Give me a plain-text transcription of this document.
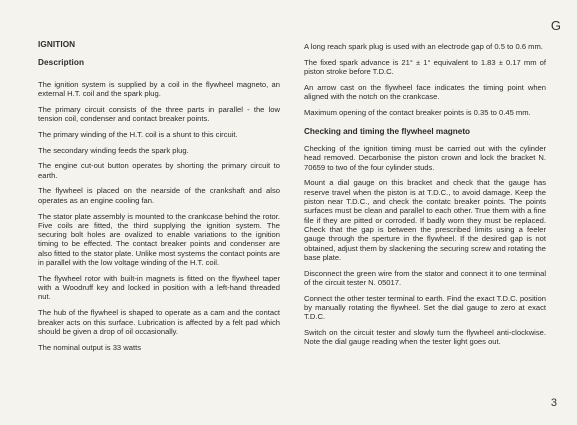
G
IGNITION
Description

The ignition system is supplied by a coil in the flywheel magneto, an external H.T. coil and the spark plug.

The primary circuit consists of the three parts in parallel - the low tension coil, condenser and contact breaker points.

The primary winding of the H.T. coil is a shunt to this circuit.

The secondary winding feeds the spark plug.

The engine cut-out button operates by shorting the primary circuit to earth.

The flywheel is placed on the nearside of the crankshaft and also operates as an engine cooling fan.

The stator plate assembly is mounted to the crankcase behind the rotor. Five coils are fitted, the third supplying the ignition system. The securing bolt holes are ovalized to enable variations to the ignition timing to be effected. The contact breaker points and condenser are also fitted to the stator plate. Unlike most systems the contact points are in parallel with the low voltage winding of the H.T. coil.

The flywheel rotor with built-in magnets is fitted on the flywheel taper with a Woodruff key and locked in position with a left-hand threaded nut.

The hub of the flywheel is shaped to operate as a cam and the contact breaker acts on this surface. Lubrication is affected by a felt pad which should be given a drop of oil occasionally.

The nominal output is 33 watts

A long reach spark plug is used with an electrode gap of 0.5 to 0.6 mm.

The fixed spark advance is 21° ± 1° equivalent to 1.83 ± 0.17 mm of piston stroke before T.D.C.

An arrow cast on the flywheel face indicates the timing point when aligned with the notch on the crankcase.

Maximum opening of the contact breaker points is 0.35 to 0.45 mm.

Checking and timing the flywheel magneto

Checking of the ignition timing must be carried out with the cylinder head removed. Decarbonise the piston crown and lock the bracket N. 70659 to two of the four cylinder studs.

Mount a dial gauge on this bracket and check that the gauge has reserve travel when the piston is at T.D.C., to avoid damage. Keep the piston near T.D.C., and check the contatc breaker points. The points surfaces must be clean and parallel to each other. True them with a fine file if they are pitted or corroded. If badly worn they must be replaced. Check that the gap is between the prescribed limits using a feeler gauge through the sperture in the flywheel. If the desired gap is not obtained, adjust them by slackening the securing screw and rotating the base plate.

Disconnect the green wire from the stator and connect it to one terminal of the circuit tester N. 05017.

Connect the other tester terminal to earth. Find the exact T.D.C. position by manually rotating the flywheel. Set the dial gauge to zero at exact T.D.C.

Switch on the circuit tester and slowly turn the flywheel anti-clockwise. Note the dial gauge reading when the tester light goes out.

3
